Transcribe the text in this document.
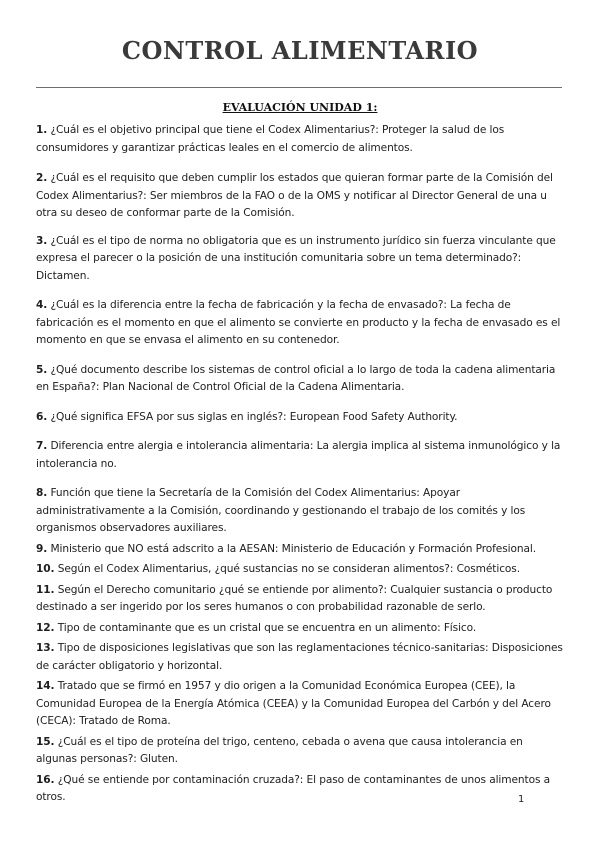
CONTROL ALIMENTARIO
EVALUACIÓN UNIDAD 1:
1. ¿Cuál es el objetivo principal que tiene el Codex Alimentarius?: Proteger la salud de los consumidores y garantizar prácticas leales en el comercio de alimentos.
2. ¿Cuál es el requisito que deben cumplir los estados que quieran formar parte de la Comisión del Codex Alimentarius?: Ser miembros de la FAO o de la OMS y notificar al Director General de una u otra su deseo de conformar parte de la Comisión.
3. ¿Cuál es el tipo de norma no obligatoria que es un instrumento jurídico sin fuerza vinculante que expresa el parecer o la posición de una institución comunitaria sobre un tema determinado?: Dictamen.
4. ¿Cuál es la diferencia entre la fecha de fabricación y la fecha de envasado?: La fecha de fabricación es el momento en que el alimento se convierte en producto y la fecha de envasado es el momento en que se envasa el alimento en su contenedor.
5. ¿Qué documento describe los sistemas de control oficial a lo largo de toda la cadena alimentaria en España?: Plan Nacional de Control Oficial de la Cadena Alimentaria.
6. ¿Qué significa EFSA por sus siglas en inglés?: European Food Safety Authority.
7. Diferencia entre alergia e intolerancia alimentaria: La alergia implica al sistema inmunológico y la intolerancia no.
8. Función que tiene la Secretaría de la Comisión del Codex Alimentarius: Apoyar administrativamente a la Comisión, coordinando y gestionando el trabajo de los comités y los organismos observadores auxiliares.
9. Ministerio que NO está adscrito a la AESAN: Ministerio de Educación y Formación Profesional.
10. Según el Codex Alimentarius, ¿qué sustancias no se consideran alimentos?: Cosméticos.
11. Según el Derecho comunitario ¿qué se entiende por alimento?: Cualquier sustancia o producto destinado a ser ingerido por los seres humanos o con probabilidad razonable de serlo.
12. Tipo de contaminante que es un cristal que se encuentra en un alimento: Físico.
13. Tipo de disposiciones legislativas que son las reglamentaciones técnico-sanitarias: Disposiciones de carácter obligatorio y horizontal.
14. Tratado que se firmó en 1957 y dio origen a la Comunidad Económica Europea (CEE), la Comunidad Europea de la Energía Atómica (CEEA) y la Comunidad Europea del Carbón y del Acero (CECA): Tratado de Roma.
15. ¿Cuál es el tipo de proteína del trigo, centeno, cebada o avena que causa intolerancia en algunas personas?: Gluten.
16. ¿Qué se entiende por contaminación cruzada?: El paso de contaminantes de unos alimentos a otros.	1
